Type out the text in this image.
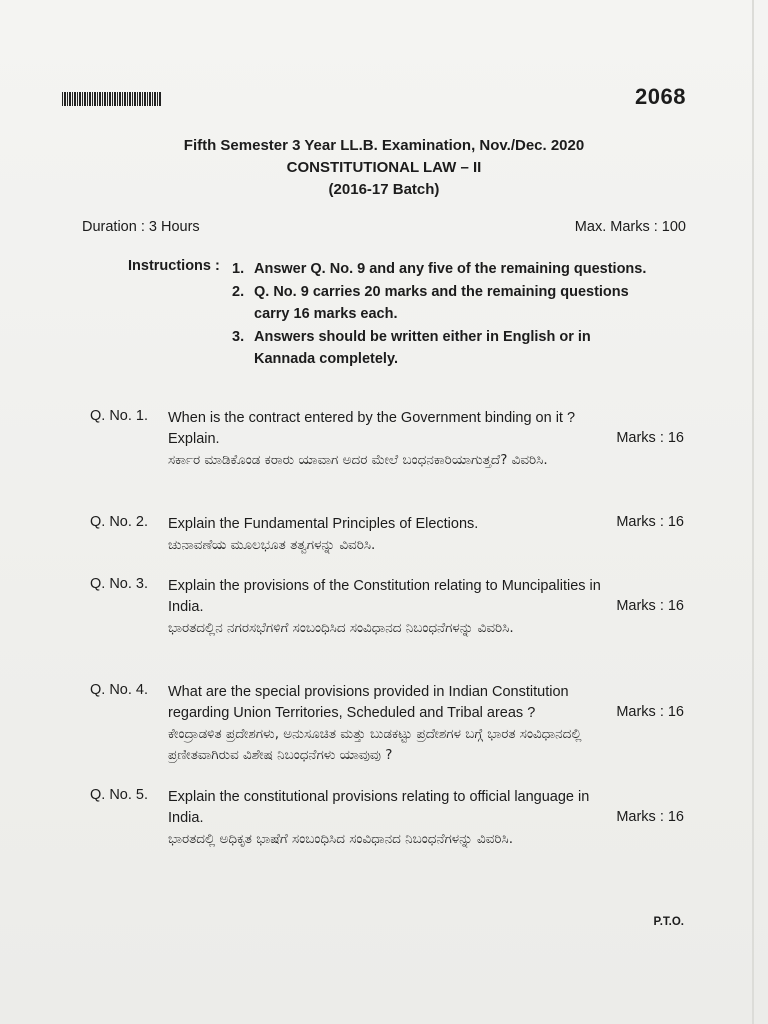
2068
Fifth Semester 3 Year LL.B. Examination, Nov./Dec. 2020
CONSTITUTIONAL LAW – II
(2016-17 Batch)
Duration : 3 Hours	Max. Marks : 100
Instructions : 1. Answer Q. No. 9 and any five of the remaining questions.
2. Q. No. 9 carries 20 marks and the remaining questions carry 16 marks each.
3. Answers should be written either in English or in Kannada completely.
Q. No. 1. When is the contract entered by the Government binding on it ? Explain.
ಸರ್ಕಾರ ಮಾಡಿಕೊಂಡ ಕರಾರು ಯಾವಾಗ ಅದರ ಮೇಲೆ ಬಂಧನಕಾರಿಯಾಗುತ್ತದೆ? ವಿವರಿಸಿ.
Marks : 16
Q. No. 2. Explain the Fundamental Principles of Elections.
ಚುನಾವಣೆಯ ಮೂಲಭೂತ ತತ್ವಗಳನ್ನು ವಿವರಿಸಿ.
Marks : 16
Q. No. 3. Explain the provisions of the Constitution relating to Muncipalities in India.
ಭಾರತದಲ್ಲಿನ ನಗರಸಭೆಗಳಿಗೆ ಸಂಬಂಧಿಸಿದ ಸಂವಿಧಾನದ ನಿಬಂಧನೆಗಳನ್ನು ವಿವರಿಸಿ.
Marks : 16
Q. No. 4. What are the special provisions provided in Indian Constitution regarding Union Territories, Scheduled and Tribal areas ?
ಕೇಂದ್ರಾಡಳಿತ ಪ್ರದೇಶಗಳು, ಅನುಸೂಚಿತ ಮತ್ತು ಬುಡಕಟ್ಟು ಪ್ರದೇಶಗಳ ಬಗ್ಗೆ ಭಾರತ ಸಂವಿಧಾನದಲ್ಲಿ ಪ್ರಣೀತವಾಗಿರುವ ವಿಶೇಷ ನಿಬಂಧನೆಗಳು ಯಾವುವು ?
Marks : 16
Q. No. 5. Explain the constitutional provisions relating to official language in India.
ಭಾರತದಲ್ಲಿ ಅಧಿಕೃತ ಭಾಷೆಗೆ ಸಂಬಂಧಿಸಿದ ಸಂವಿಧಾನದ ನಿಬಂಧನೆಗಳನ್ನು ವಿವರಿಸಿ.
Marks : 16
P.T.O.
